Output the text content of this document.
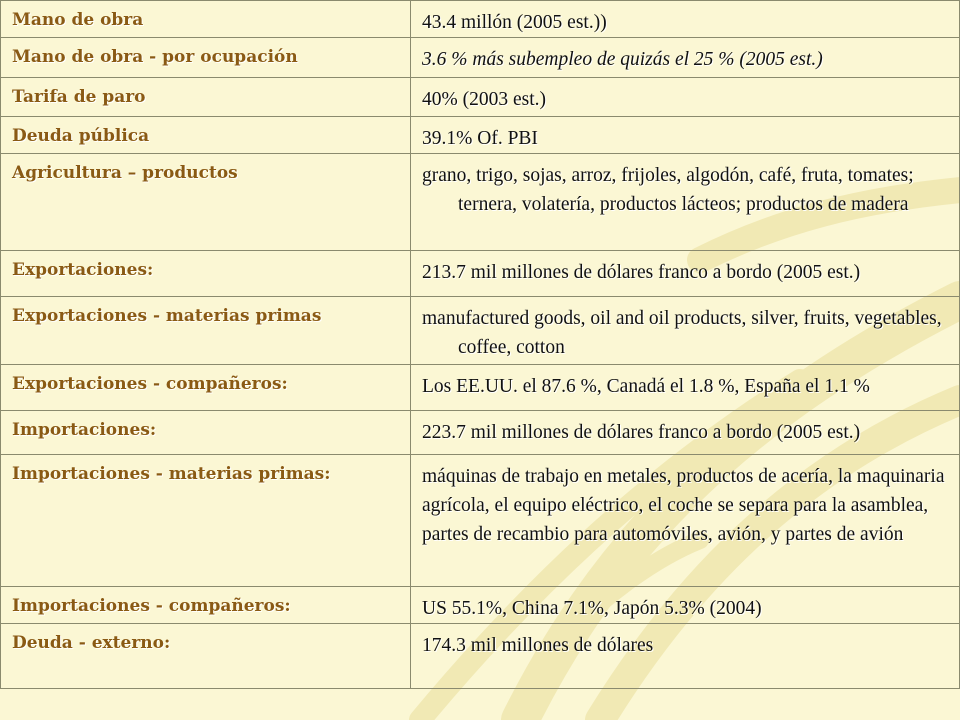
Mano de obra	43.4 millón (2005 est.))

Mano de obra - por ocupación	3.6 % más subempleo de quizás el 25 % (2005 est.)

Tarifa de paro	40% (2003 est.)

Deuda pública	39.1% Of. PBI

Agricultura – productos	grano, trigo, sojas, arroz, frijoles, algodón, café, fruta, tomates; ternera, volatería, productos lácteos; productos de madera

Exportaciones:	213.7 mil millones de dólares franco a bordo (2005 est.)

Exportaciones - materias primas	manufactured goods, oil and oil products, silver, fruits, vegetables, coffee, cotton

Exportaciones - compañeros:	Los EE.UU. el 87.6 %, Canadá el 1.8 %, España el 1.1 %

Importaciones:	223.7 mil millones de dólares franco a bordo (2005 est.)

Importaciones - materias primas:	máquinas de trabajo en metales, productos de acería, la maquinaria agrícola, el equipo eléctrico, el coche se separa para la asamblea, partes de recambio para automóviles, avión, y partes de avión

Importaciones - compañeros:	US 55.1%, China 7.1%, Japón 5.3% (2004)

Deuda - externo:	174.3 mil millones de dólares
